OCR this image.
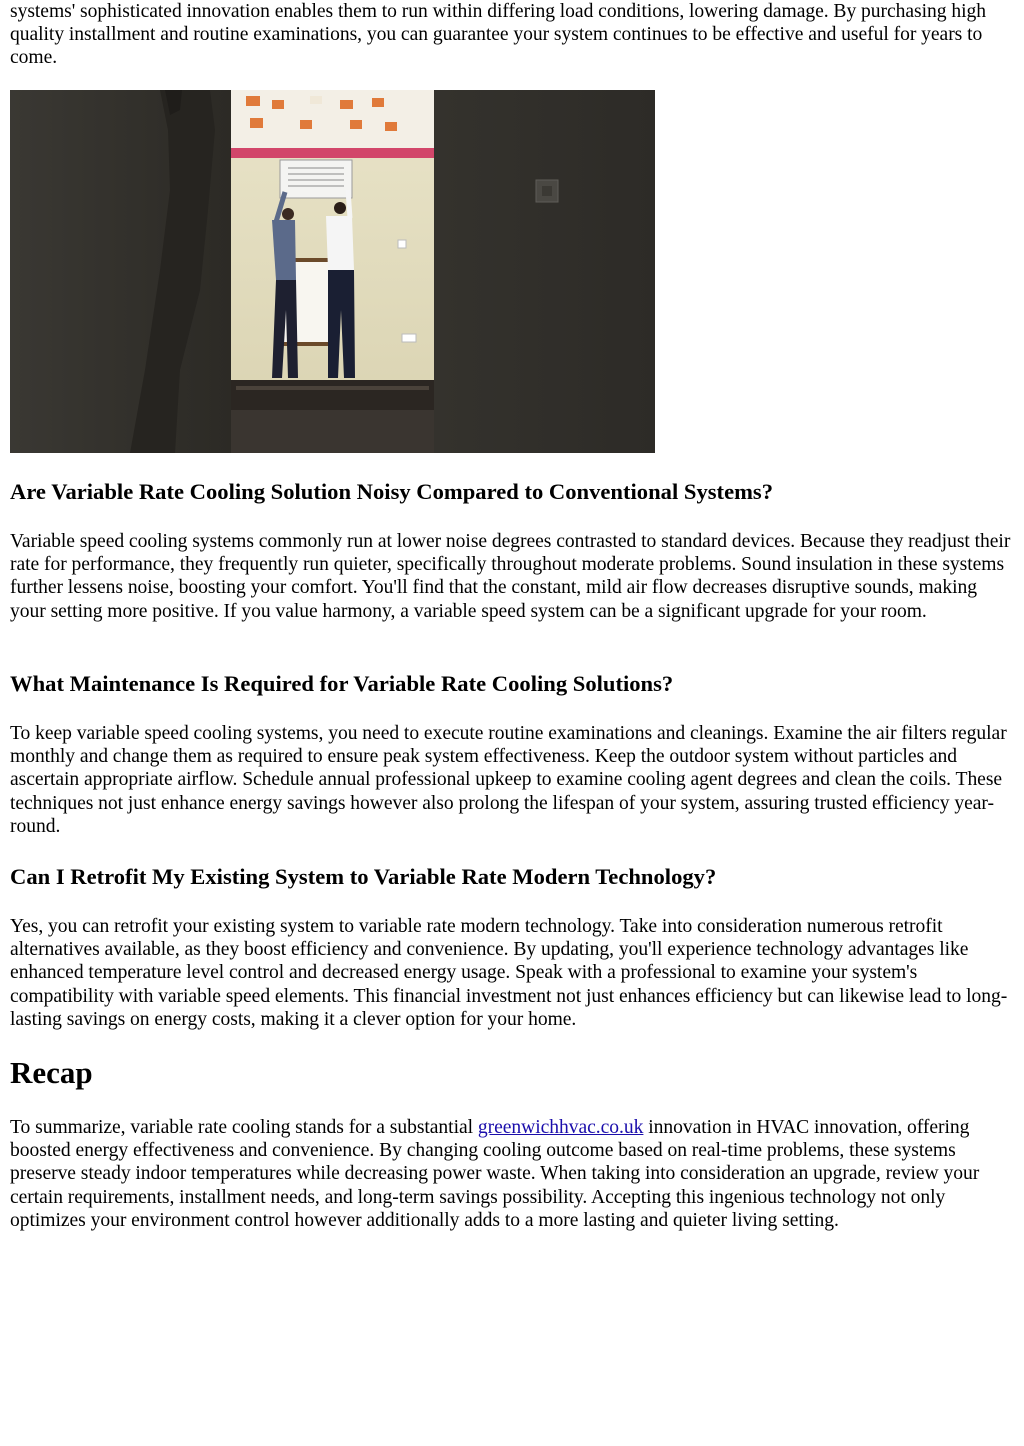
systems' sophisticated innovation enables them to run within differing load conditions, lowering damage. By purchasing high quality installment and routine examinations, you can guarantee your system continues to be effective and useful for years to come.

Are Variable Rate Cooling Solution Noisy Compared to Conventional Systems?

Variable speed cooling systems commonly run at lower noise degrees contrasted to standard devices. Because they readjust their rate for performance, they frequently run quieter, specifically throughout moderate problems. Sound insulation in these systems further lessens noise, boosting your comfort. You'll find that the constant, mild air flow decreases disruptive sounds, making your setting more positive. If you value harmony, a variable speed system can be a significant upgrade for your room.

What Maintenance Is Required for Variable Rate Cooling Solutions?

To keep variable speed cooling systems, you need to execute routine examinations and cleanings. Examine the air filters regular monthly and change them as required to ensure peak system effectiveness. Keep the outdoor system without particles and ascertain appropriate airflow. Schedule annual professional upkeep to examine cooling agent degrees and clean the coils. These techniques not just enhance energy savings however also prolong the lifespan of your system, assuring trusted efficiency year-round.

Can I Retrofit My Existing System to Variable Rate Modern Technology?

Yes, you can retrofit your existing system to variable rate modern technology. Take into consideration numerous retrofit alternatives available, as they boost efficiency and convenience. By updating, you'll experience technology advantages like enhanced temperature level control and decreased energy usage. Speak with a professional to examine your system's compatibility with variable speed elements. This financial investment not just enhances efficiency but can likewise lead to long-lasting savings on energy costs, making it a clever option for your home.

Recap

To summarize, variable rate cooling stands for a substantial greenwichhvac.co.uk innovation in HVAC innovation, offering boosted energy effectiveness and convenience. By changing cooling outcome based on real-time problems, these systems preserve steady indoor temperatures while decreasing power waste. When taking into consideration an upgrade, review your certain requirements, installment needs, and long-term savings possibility. Accepting this ingenious technology not only optimizes your environment control however additionally adds to a more lasting and quieter living setting.
